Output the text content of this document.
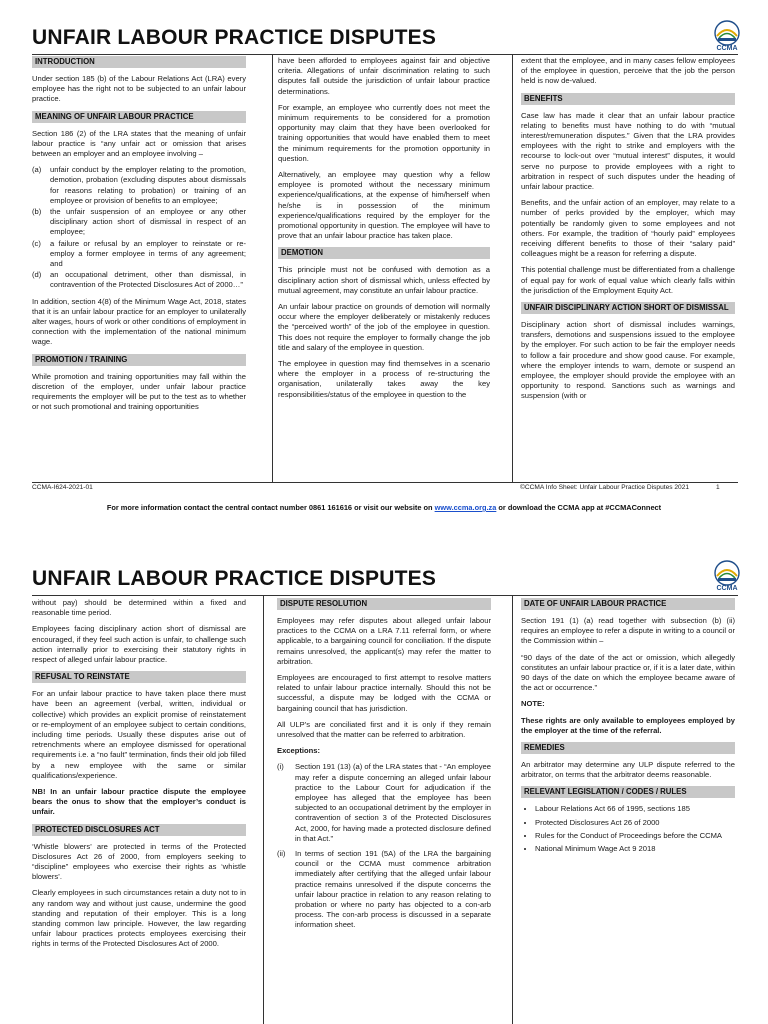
UNFAIR LABOUR PRACTICE DISPUTES	CCMA
INTRODUCTION

Under section 185 (b) of the Labour Relations Act (LRA) every employee has the right not to be subjected to an unfair labour practice.

MEANING OF UNFAIR LABOUR PRACTICE

Section 186 (2) of the LRA states that the meaning of unfair labour practice is “any unfair act or omission that arises between an employer and an employee involving –

(a) unfair conduct by the employer relating to the promotion, demotion, probation (excluding disputes about dismissals for reasons relating to probation) or training of an employee or provision of benefits to an employee;
(b) the unfair suspension of an employee or any other disciplinary action short of dismissal in respect of an employee;
(c) a failure or refusal by an employer to reinstate or re-employ a former employee in terms of any agreement; and
(d) an occupational detriment, other than dismissal, in contravention of the Protected Disclosures Act of 2000…”

In addition, section 4(8) of the Minimum Wage Act, 2018, states that it is an unfair labour practice for an employer to unilaterally alter wages, hours of work or other conditions of employment in connection with the implementation of the national minimum wage.

PROMOTION / TRAINING

While promotion and training opportunities may fall within the discretion of the employer, under unfair labour practice requirements the employer will be put to the test as to whether or not such promotional and training opportunities

have been afforded to employees against fair and objective criteria. Allegations of unfair discrimination relating to such disputes fall outside the jurisdiction of unfair labour practice determinations.

For example, an employee who currently does not meet the minimum requirements to be considered for a promotion opportunity may claim that they have been overlooked for training opportunities that would have enabled them to meet the minimum requirements for the promotion opportunity in question.

Alternatively, an employee may question why a fellow employee is promoted without the necessary minimum experience/qualifications, at the expense of him/herself when he/she is in possession of the minimum experience/qualifications required by the employer for the promotional opportunity in question. The employee will have to prove that an unfair labour practice has taken place.

DEMOTION

This principle must not be confused with demotion as a disciplinary action short of dismissal which, unless effected by mutual agreement, may constitute an unfair labour practice.

An unfair labour practice on grounds of demotion will normally occur where the employer deliberately or mistakenly reduces the “perceived worth” of the job of the employee in question. This does not require the employer to formally change the job title and salary of the employee in question.

The employee in question may find themselves in a scenario where the employer in a process of re-structuring the organisation, unilaterally takes away the key responsibilities/status of the employee in question to the

extent that the employee, and in many cases fellow employees of the employee in question, perceive that the job the person held is now de-valued.

BENEFITS

Case law has made it clear that an unfair labour practice relating to benefits must have nothing to do with “mutual interest/remuneration disputes.” Given that the LRA provides employees with the right to strike and employers with the recourse to lock-out over “mutual interest” disputes, it would serve no purpose to provide employees with a right to arbitration in respect of such disputes under the heading of unfair labour practice.

Benefits, and the unfair action of an employer, may relate to a number of perks provided by the employer, which may potentially be randomly given to some employees and not others. For example, the tradition of “hourly paid” employees receiving different benefits to those of their “salary paid” colleagues might be a reason for referring a dispute.

This potential challenge must be differentiated from a challenge of equal pay for work of equal value which clearly falls within the jurisdiction of the Employment Equity Act.

UNFAIR DISCIPLINARY ACTION SHORT OF DISMISSAL

Disciplinary action short of dismissal includes warnings, transfers, demotions and suspensions issued to the employee by the employer. For such action to be fair the employer needs to follow a fair procedure and show good cause. For example, where the employer intends to warn, demote or suspend an employee, the employer should provide the employee with an opportunity to respond. Sanctions such as warnings and suspension (with or

CCMA-I624-2021-01	©CCMA Info Sheet: Unfair Labour Practice Disputes 2021	1
For more information contact the central contact number 0861 161616 or visit our website on www.ccma.org.za or download the CCMA app at #CCMAConnect
UNFAIR LABOUR PRACTICE DISPUTES	CCMA

without pay) should be determined within a fixed and reasonable time period.

Employees facing disciplinary action short of dismissal are encouraged, if they feel such action is unfair, to challenge such action internally prior to exercising their statutory rights in respect of alleged unfair labour practice.

REFUSAL TO REINSTATE

For an unfair labour practice to have taken place there must have been an agreement (verbal, written, individual or collective) which provides an explicit promise of reinstatement or re-employment of an employee subject to certain conditions, including time periods. Usually these disputes arise out of retrenchments where an employee dismissed for operational requirements i.e. a “no fault” termination, finds their old job filled by a new employee with the same or similar qualifications/experience.

NB! In an unfair labour practice dispute the employee bears the onus to show that the employer’s conduct is unfair.

PROTECTED DISCLOSURES ACT

‘Whistle blowers’ are protected in terms of the Protected Disclosures Act 26 of 2000, from employers seeking to “discipline” employees who exercise their rights as ‘whistle blowers’.

Clearly employees in such circumstances retain a duty not to in any random way and without just cause, undermine the good standing and reputation of their employer. This is a long standing common law principle. However, the law regarding unfair labour practices protects employees exercising their rights in terms of the Protected Disclosures Act of 2000.

DISPUTE RESOLUTION

Employees may refer disputes about alleged unfair labour practices to the CCMA on a LRA 7.11 referral form, or where applicable, to a bargaining council for conciliation. If the dispute remains unresolved, the applicant(s) may refer the matter to arbitration.

Employees are encouraged to first attempt to resolve matters related to unfair labour practice internally. Should this not be successful, a dispute may be lodged with the CCMA or bargaining council that has jurisdiction.

All ULP’s are conciliated first and it is only if they remain unresolved that the matter can be referred to arbitration.

Exceptions:

(i) Section 191 (13) (a) of the LRA states that - “An employee may refer a dispute concerning an alleged unfair labour practice to the Labour Court for adjudication if the employee has alleged that the employee has been subjected to an occupational detriment by the employer in contravention of section 3 of the Protected Disclosures Act, 2000, for having made a protected disclosure defined in that Act.”
(ii) In terms of section 191 (5A) of the LRA the bargaining council or the CCMA must commence arbitration immediately after certifying that the alleged unfair labour practice remains unresolved if the dispute concerns the unfair labour practice in relation to any reason relating to probation or where no party has objected to a con-arb process. The con-arb process is discussed in a separate information sheet.
DATE OF UNFAIR LABOUR PRACTICE

Section 191 (1) (a) read together with subsection (b) (ii) requires an employee to refer a dispute in writing to a council or the Commission within –

“90 days of the date of the act or omission, which allegedly constitutes an unfair labour practice or, if it is a later date, within 90 days of the date on which the employee became aware of the act or occurrence.”

NOTE:

These rights are only available to employees employed by the employer at the time of the referral.

REMEDIES

An arbitrator may determine any ULP dispute referred to the arbitrator, on terms that the arbitrator deems reasonable.

RELEVANT LEGISLATION / CODES / RULES
• Labour Relations Act 66 of 1995, sections 185
• Protected Disclosures Act 26 of 2000
• Rules for the Conduct of Proceedings before the CCMA
• National Minimum Wage Act 9 2018
